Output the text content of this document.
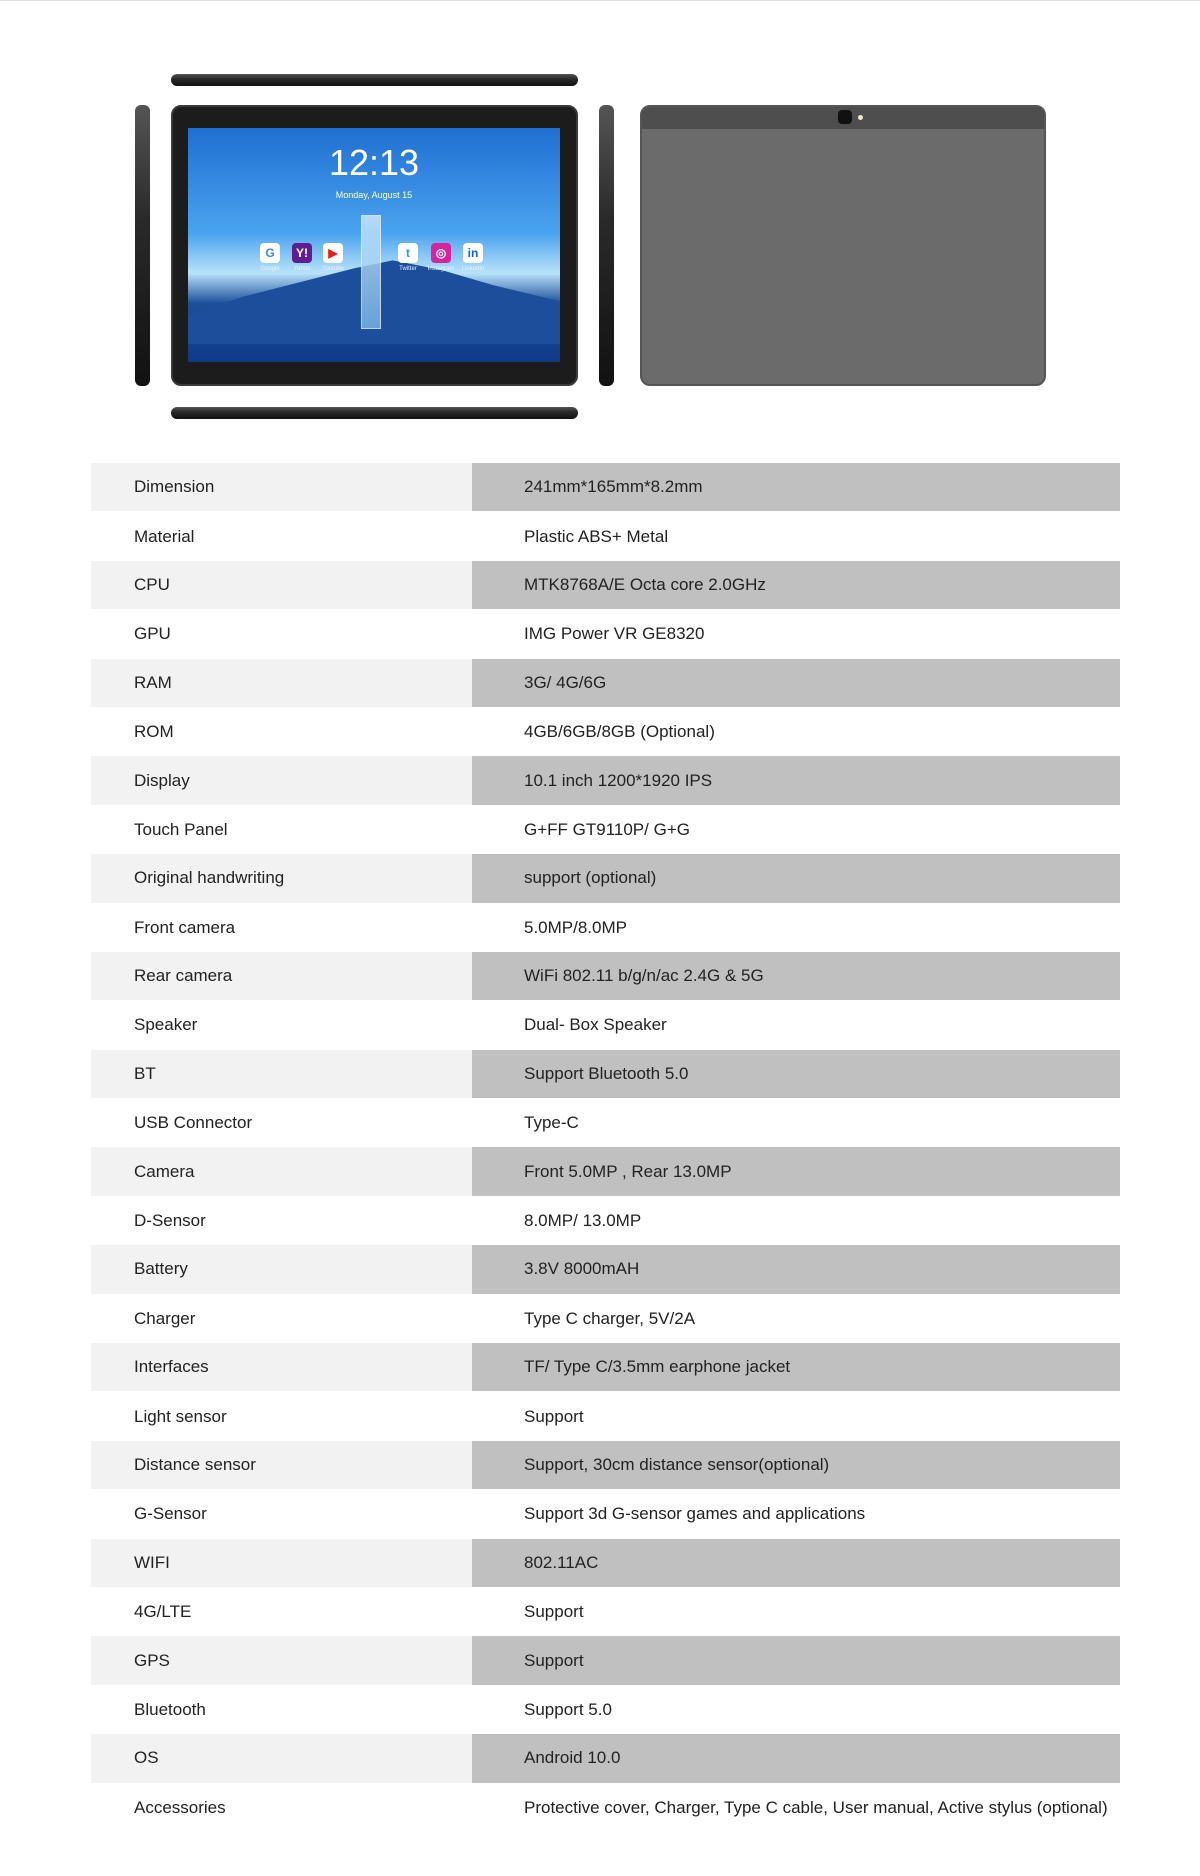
12:13
Monday, August 15
G
Google
Y!
Yahoo
▶
Youtube
t
Twitter
◎
Instagram
in
LinkedIn
Dimension	241mm*165mm*8.2mm
Material	Plastic ABS+ Metal
CPU	MTK8768A/E Octa core 2.0GHz
GPU	IMG Power VR GE8320
RAM	3G/ 4G/6G
ROM	4GB/6GB/8GB (Optional)
Display	10.1 inch 1200*1920 IPS
Touch Panel	G+FF GT9110P/ G+G
Original handwriting	support (optional)
Front camera	5.0MP/8.0MP
Rear camera	WiFi 802.11 b/g/n/ac 2.4G & 5G
Speaker	Dual- Box Speaker
BT	Support Bluetooth 5.0
USB Connector	Type-C
Camera	Front 5.0MP , Rear 13.0MP
D-Sensor	8.0MP/ 13.0MP
Battery	3.8V 8000mAH
Charger	Type C charger, 5V/2A
Interfaces	TF/ Type C/3.5mm earphone jacket
Light sensor	Support
Distance sensor	Support, 30cm distance sensor(optional)
G-Sensor	Support 3d G-sensor games and applications
WIFI	802.11AC
4G/LTE	Support
GPS	Support
Bluetooth	Support 5.0
OS	Android 10.0
Accessories	Protective cover, Charger, Type C cable, User manual, Active stylus (optional)
